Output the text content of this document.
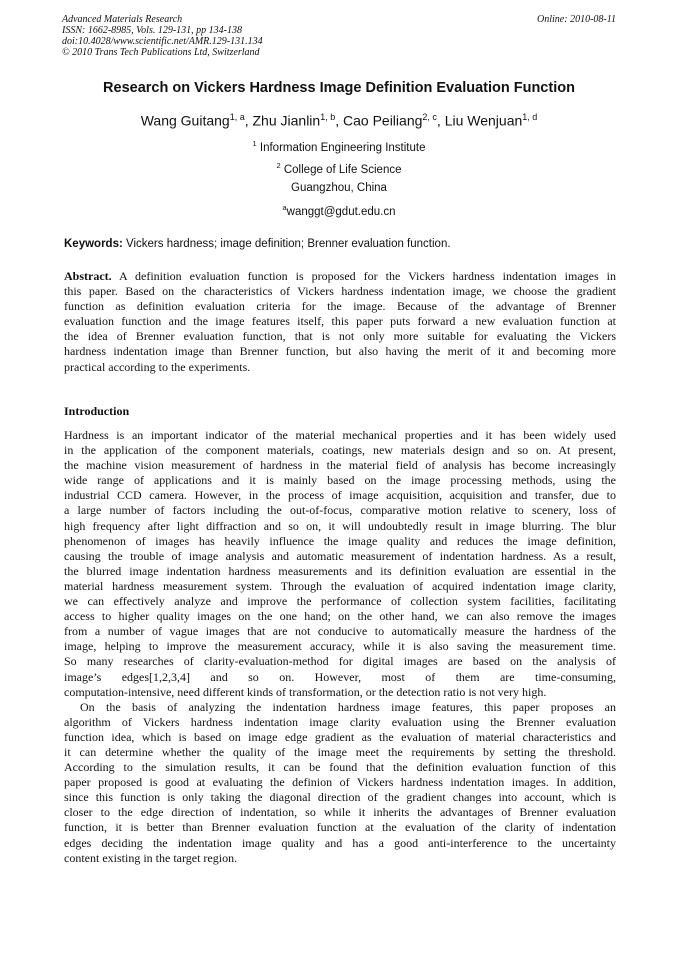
Advanced Materials Research
ISSN: 1662-8985, Vols. 129-131, pp 134-138
doi:10.4028/www.scientific.net/AMR.129-131.134
© 2010 Trans Tech Publications Ltd, Switzerland
Online: 2010-08-11
Research on Vickers Hardness Image Definition Evaluation Function
Wang Guitang$^{1, a}$, Zhu Jianlin$^{1, b}$, Cao Peiliang$^{2, c}$, Liu Wenjuan$^{1, d}$
$^1$ Information Engineering Institute
$^2$ College of Life Science
Guangzhou, China
$^a$wanggt@gdut.edu.cn
Keywords: Vickers hardness; image definition; Brenner evaluation function.
Abstract. A definition evaluation function is proposed for the Vickers hardness indentation images in
this paper. Based on the characteristics of Vickers hardness indentation image, we choose the gradient
function as definition evaluation criteria for the image. Because of the advantage of Brenner
evaluation function and the image features itself, this paper puts forward a new evaluation function at
the idea of Brenner evaluation function, that is not only more suitable for evaluating the Vickers
hardness indentation image than Brenner function, but also having the merit of it and becoming more
practical according to the experiments.
Introduction
Hardness is an important indicator of the material mechanical properties and it has been widely used
in the application of the component materials, coatings, new materials design and so on. At present,
the machine vision measurement of hardness in the material field of analysis has become increasingly
wide range of applications and it is mainly based on the image processing methods, using the
industrial CCD camera. However, in the process of image acquisition, acquisition and transfer, due to
a large number of factors including the out-of-focus, comparative motion relative to scenery, loss of
high frequency after light diffraction and so on, it will undoubtedly result in image blurring. The blur
phenomenon of images has heavily influence the image quality and reduces the image definition,
causing the trouble of image analysis and automatic measurement of indentation hardness. As a result,
the blurred image indentation hardness measurements and its definition evaluation are essential in the
material hardness measurement system. Through the evaluation of acquired indentation image clarity,
we can effectively analyze and improve the performance of collection system facilities, facilitating
access to higher quality images on the one hand; on the other hand, we can also remove the images
from a number of vague images that are not conducive to automatically measure the hardness of the
image, helping to improve the measurement accuracy, while it is also saving the measurement time.
So many researches of clarity-evaluation-method for digital images are based on the analysis of
image’s edges[1,2,3,4] and so on. However, most of them are time-consuming,
computation-intensive, need different kinds of transformation, or the detection ratio is not very high.
On the basis of analyzing the indentation hardness image features, this paper proposes an
algorithm of Vickers hardness indentation image clarity evaluation using the Brenner evaluation
function idea, which is based on image edge gradient as the evaluation of material characteristics and
it can determine whether the quality of the image meet the requirements by setting the threshold.
According to the simulation results, it can be found that the definition evaluation function of this
paper proposed is good at evaluating the definion of Vickers hardness indentation images. In addition,
since this function is only taking the diagonal direction of the gradient changes into account, which is
closer to the edge direction of indentation, so while it inherits the advantages of Brenner evaluation
function, it is better than Brenner evaluation function at the evaluation of the clarity of indentation
edges deciding the indentation image quality and has a good anti-interference to the uncertainty
content existing in the target region.
